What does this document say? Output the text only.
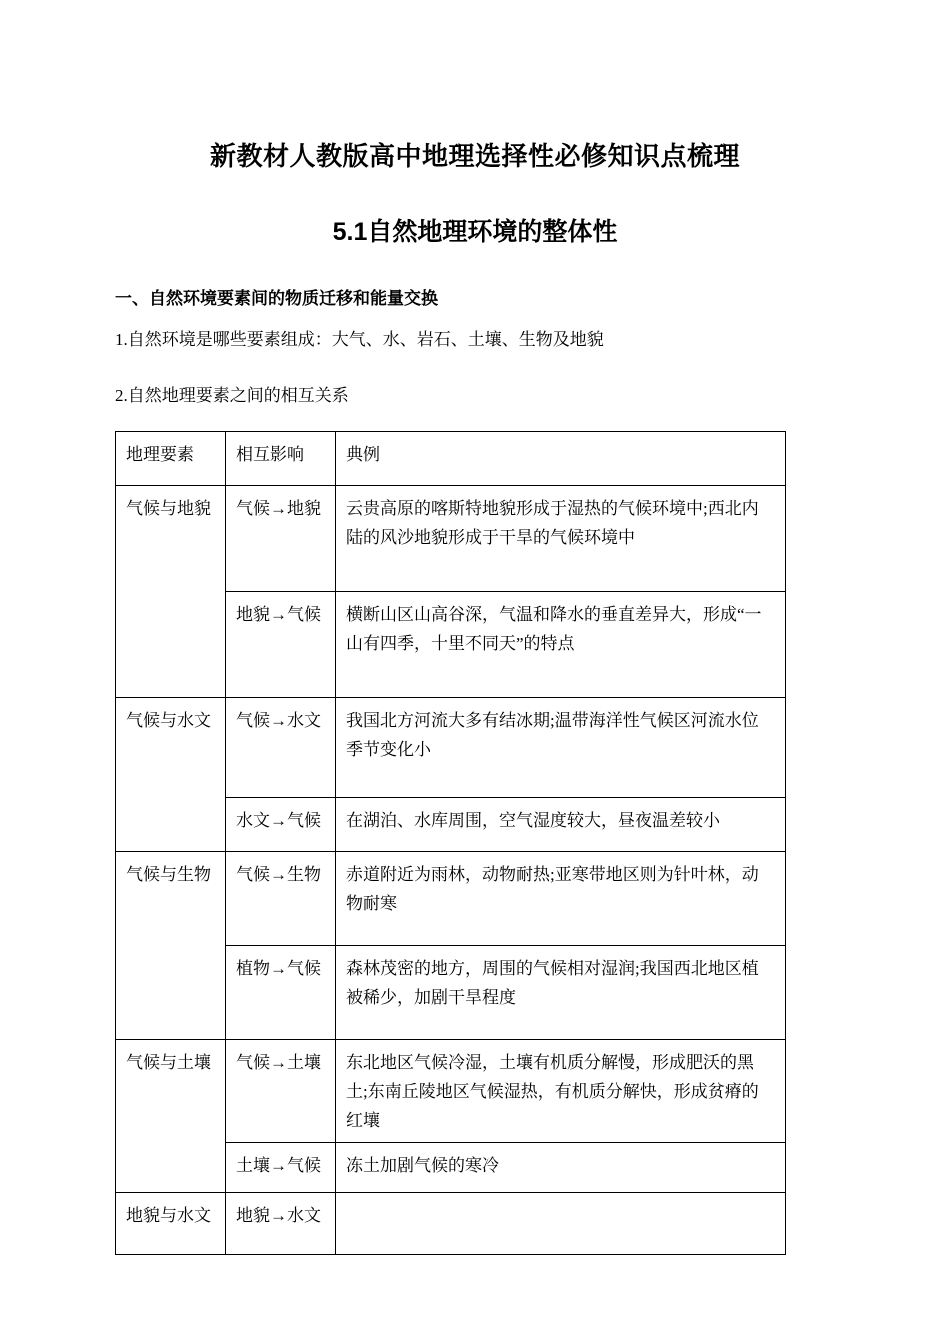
新教材人教版高中地理选择性必修知识点梳理
5.1自然地理环境的整体性
一、自然环境要素间的物质迁移和能量交换

1.自然环境是哪些要素组成：大气、水、岩石、土壤、生物及地貌

2.自然地理要素之间的相互关系

地理要素	相互影响	典例
气候与地貌	气候→地貌	云贵高原的喀斯特地貌形成于湿热的气候环境中;西北内陆的风沙地貌形成于干旱的气候环境中
	地貌→气候	横断山区山高谷深，气温和降水的垂直差异大，形成“一山有四季，十里不同天”的特点
气候与水文	气候→水文	我国北方河流大多有结冰期;温带海洋性气候区河流水位季节变化小
	水文→气候	在湖泊、水库周围，空气湿度较大，昼夜温差较小
气候与生物	气候→生物	赤道附近为雨林，动物耐热;亚寒带地区则为针叶林，动物耐寒
	植物→气候	森林茂密的地方，周围的气候相对湿润;我国西北地区植被稀少，加剧干旱程度
气候与土壤	气候→土壤	东北地区气候冷湿，土壤有机质分解慢，形成肥沃的黑土;东南丘陵地区气候湿热，有机质分解快，形成贫瘠的红壤
	土壤→气候	冻土加剧气候的寒冷
地貌与水文	地貌→水文	
